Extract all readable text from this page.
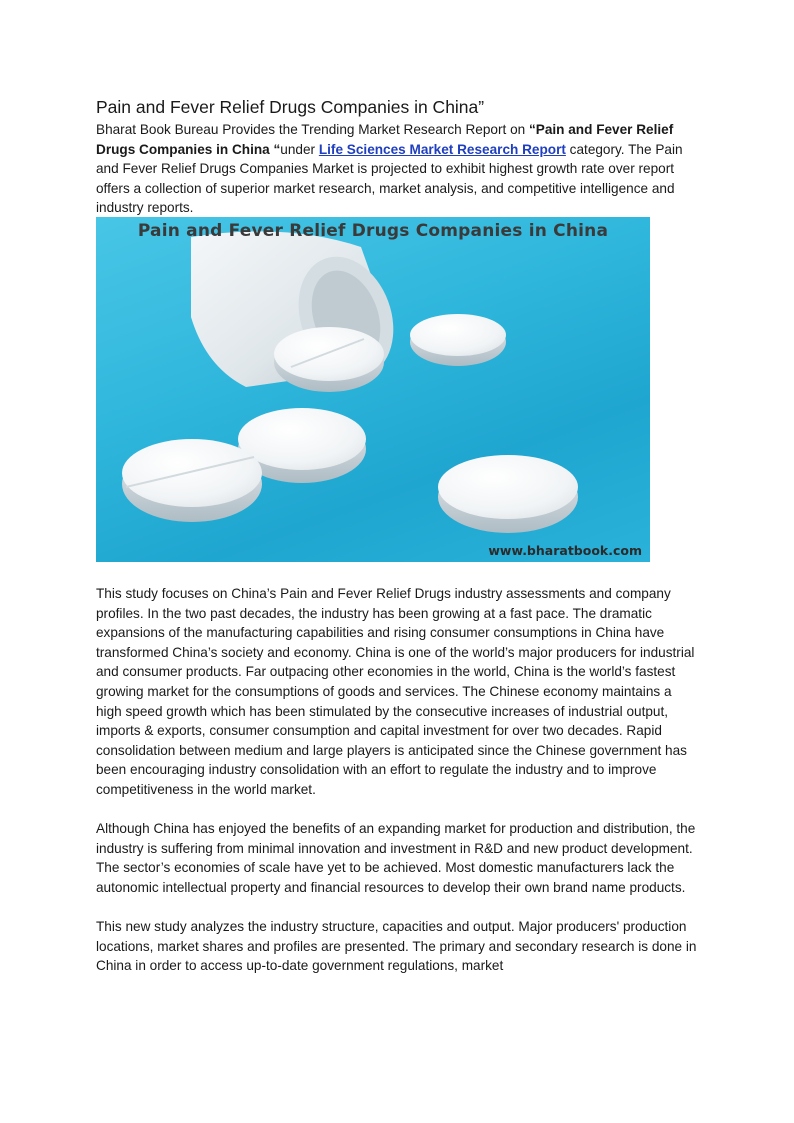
Pain and Fever Relief Drugs Companies in China”

Bharat Book Bureau Provides the Trending Market Research Report on “Pain and Fever Relief Drugs Companies in China “under Life Sciences Market Research Report category. The Pain and Fever Relief Drugs Companies Market is projected to exhibit highest growth rate over report offers a collection of superior market research, market analysis, and competitive intelligence and industry reports.

Pain and Fever Relief Drugs Companies in China
www.bharatbook.com

This study focuses on China’s Pain and Fever Relief Drugs industry assessments and company profiles. In the two past decades, the industry has been growing at a fast pace. The dramatic expansions of the manufacturing capabilities and rising consumer consumptions in China have transformed China’s society and economy. China is one of the world’s major producers for industrial and consumer products. Far outpacing other economies in the world, China is the world’s fastest growing market for the consumptions of goods and services. The Chinese economy maintains a high speed growth which has been stimulated by the consecutive increases of industrial output, imports & exports, consumer consumption and capital investment for over two decades. Rapid consolidation between medium and large players is anticipated since the Chinese government has been encouraging industry consolidation with an effort to regulate the industry and to improve competitiveness in the world market.

Although China has enjoyed the benefits of an expanding market for production and distribution, the industry is suffering from minimal innovation and investment in R&D and new product development. The sector’s economies of scale have yet to be achieved. Most domestic manufacturers lack the autonomic intellectual property and financial resources to develop their own brand name products.

This new study analyzes the industry structure, capacities and output. Major producers' production locations, market shares and profiles are presented. The primary and secondary research is done in China in order to access up-to-date government regulations, market
